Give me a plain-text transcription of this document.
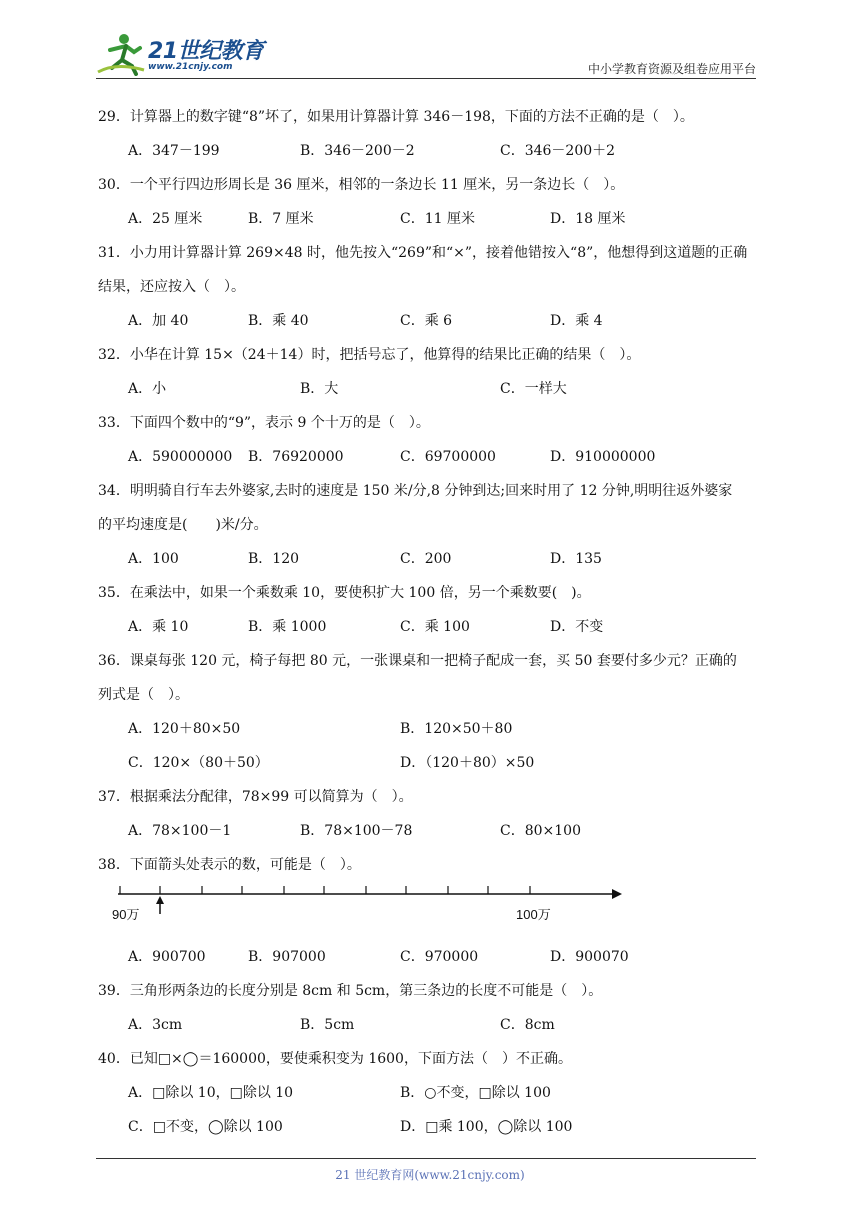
21世纪教育
www.21cnjy.com	中小学教育资源及组卷应用平台
29．计算器上的数字键“8”坏了，如果用计算器计算 346－198，下面的方法不正确的是（　）。
A．347－199	B．346－200－2	C．346－200＋2
30．一个平行四边形周长是 36 厘米，相邻的一条边长 11 厘米，另一条边长（　）。
A．25 厘米	B．7 厘米	C．11 厘米	D．18 厘米
31．小力用计算器计算 269×48 时，他先按入“269”和“×”，接着他错按入“8”，他想得到这道题的正确
结果，还应按入（　）。
A．加 40	B．乘 40	C．乘 6	D．乘 4
32．小华在计算 15×（24＋14）时，把括号忘了，他算得的结果比正确的结果（　）。
A．小	B．大	C．一样大
33．下面四个数中的“9”，表示 9 个十万的是（　）。
A．590000000 B．76920000	C．69700000	D．910000000
34．明明骑自行车去外婆家,去时的速度是 150 米/分,8 分钟到达;回来时用了 12 分钟,明明往返外婆家
的平均速度是(　　)米/分。
A．100	B．120	C．200	D．135
35．在乘法中，如果一个乘数乘 10，要使积扩大 100 倍，另一个乘数要(　)。
A．乘 10	B．乘 1000	C．乘 100	D．不变
36．课桌每张 120 元，椅子每把 80 元，一张课桌和一把椅子配成一套，买 50 套要付多少元？正确的
列式是（　）。
A．120＋80×50	B．120×50＋80
C．120×（80＋50）	D．（120＋80）×50
37．根据乘法分配律，78×99 可以简算为（　）。
A．78×100－1	B．78×100－78	C．80×100
38．下面箭头处表示的数，可能是（　）。
90万	100万
A．900700	B．907000	C．970000	D．900070
39．三角形两条边的长度分别是 8cm 和 5cm，第三条边的长度不可能是（　）。
A．3cm	B．5cm	C．8cm
40．已知□×◯＝160000，要使乘积变为 1600，下面方法（　）不正确。
A．□除以 10，□除以 10	B．○不变，□除以 100
C．□不变，◯除以 100	D．□乘 100，◯除以 100
21 世纪教育网(www.21cnjy.com)
